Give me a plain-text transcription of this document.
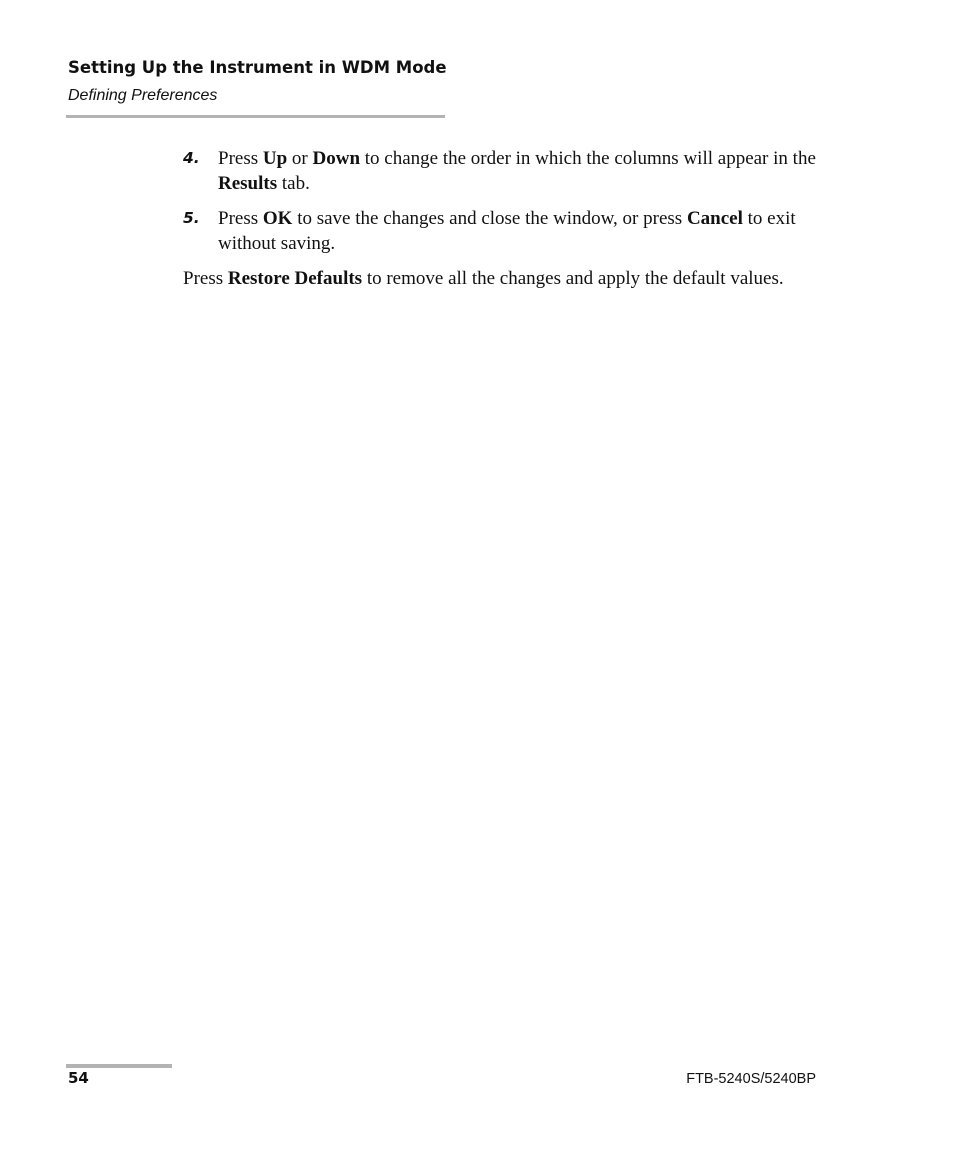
Setting Up the Instrument in WDM Mode
Defining Preferences
4. Press Up or Down to change the order in which the columns will appear in the Results tab.
5. Press OK to save the changes and close the window, or press Cancel to exit without saving.

Press Restore Defaults to remove all the changes and apply the default values.

54	FTB-5240S/5240BP
